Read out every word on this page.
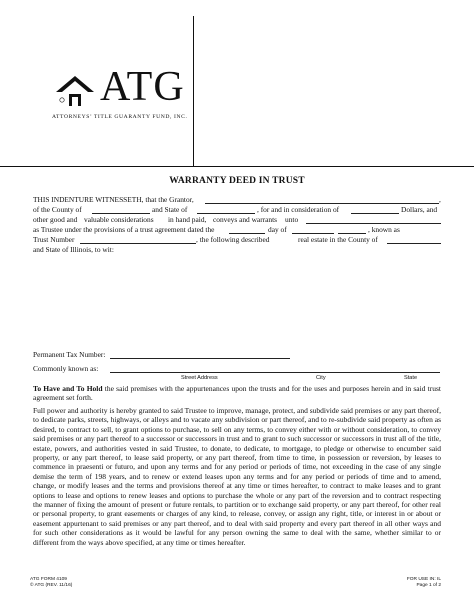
ATG
ATTORNEYS’ TITLE GUARANTY FUND, INC.
WARRANTY DEED IN TRUST
THIS INDENTURE WITNESSETH, that the Grantor,	,
of the County of	and State of	, for and in consideration of	Dollars, and
other good and valuable considerations in hand paid, conveys and warrants unto
as Trustee under the provisions of a trust agreement dated the	day of	, known as
Trust Number	, the following described	real estate in the County of
and State of Illinois, to wit:
Permanent Tax Number:
Commonly known as:
Street Address	City	State
To Have and To Hold the said premises with the appurtenances upon the trusts and for the uses and purposes herein and in said trust agreement set forth.
Full power and authority is hereby granted to said Trustee to improve, manage, protect, and subdivide said premises or any part thereof, to dedicate parks, streets, highways, or alleys and to vacate any subdivision or part thereof, and to re-subdivide said property as often as desired, to contract to sell, to grant options to purchase, to sell on any terms, to convey either with or without consideration, to convey said premises or any part thereof to a successor or successors in trust and to grant to such successor or successors in trust all of the title, estate, powers, and authorities vested in said Trustee, to donate, to dedicate, to mortgage, to pledge or otherwise to encumber said property, or any part thereof, to lease said property, or any part thereof, from time to time, in possession or reversion, by leases to commence in praesenti or futuro, and upon any terms and for any period or periods of time, not exceeding in the case of any single demise the term of 198 years, and to renew or extend leases upon any terms and for any period or periods of time and to amend, change, or modify leases and the terms and provisions thereof at any time or times hereafter, to contract to make leases and to grant options to lease and options to renew leases and options to purchase the whole or any part of the reversion and to contract respecting the manner of fixing the amount of present or future rentals, to partition or to exchange said property, or any part thereof, for other real or personal property, to grant easements or charges of any kind, to release, convey, or assign any right, title, or interest in or about or easement appurtenant to said premises or any part thereof, and to deal with said property and every part thereof in all other ways and for such other considerations as it would be lawful for any person owning the same to deal with the same, whether similar to or different from the ways above specified, at any time or times hereafter.
ATG FORM 4109
© ATG (REV. 11/16)
FOR USE IN: IL
Page 1 of 2
